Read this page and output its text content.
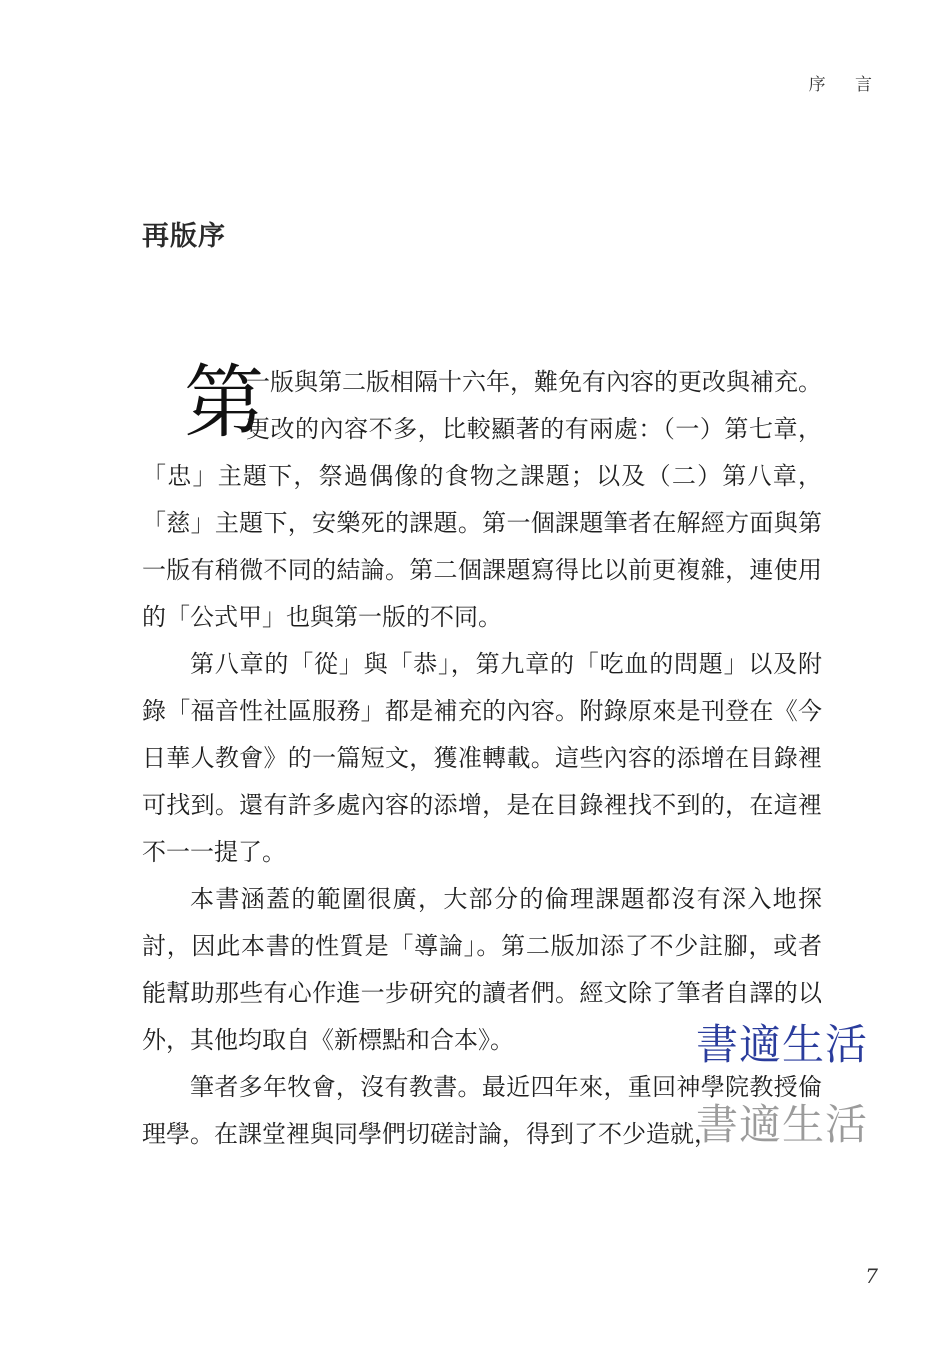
序 言
再版序

第
一版與第二版相隔十六年，難免有內容的更改與補充。更改的內容不多，比較顯著的有兩處：（一）第七章，「忠」主題下，祭過偶像的食物之課題；以及（二）第八章，「慈」主題下，安樂死的課題。第一個課題筆者在解經方面與第一版有稍微不同的結論。第二個課題寫得比以前更複雜，連使用的「公式甲」也與第一版的不同。

第八章的「從」與「恭」，第九章的「吃血的問題」以及附錄「福音性社區服務」都是補充的內容。附錄原來是刊登在《今日華人教會》的一篇短文，獲准轉載。這些內容的添增在目錄裡可找到。還有許多處內容的添增，是在目錄裡找不到的，在這裡不一一提了。

本書涵蓋的範圍很廣，大部分的倫理課題都沒有深入地探討，因此本書的性質是「導論」。第二版加添了不少註腳，或者能幫助那些有心作進一步研究的讀者們。經文除了筆者自譯的以外，其他均取自《新標點和合本》。

筆者多年牧會，沒有教書。最近四年來，重回神學院教授倫理學。在課堂裡與同學們切磋討論，得到了不少造就，

書適生活
書適生活
7
